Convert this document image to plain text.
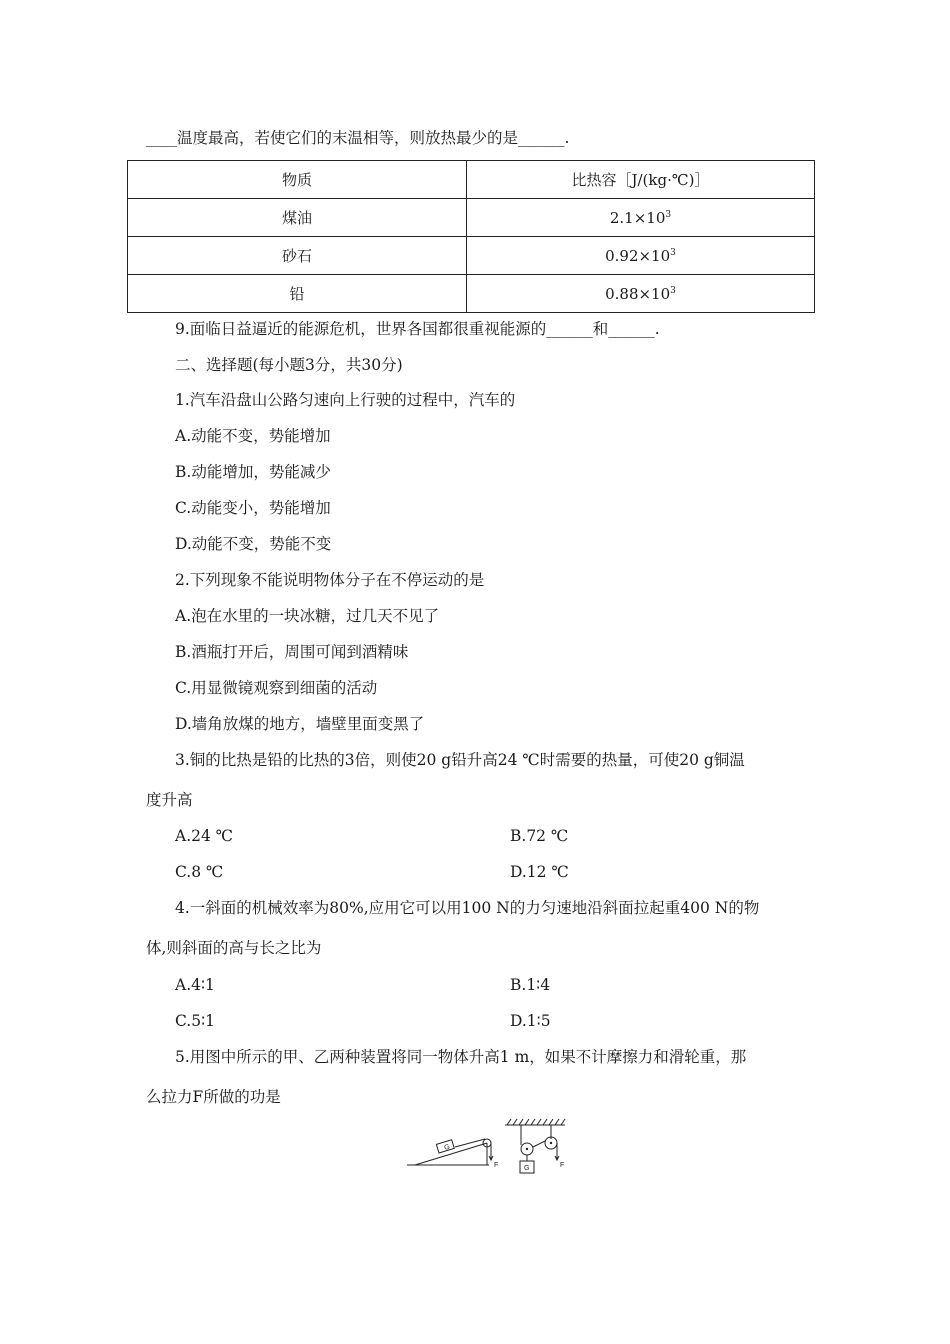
____温度最高，若使它们的末温相等，则放热最少的是______.
物质	比热容［J/(kg·℃)］
煤油	$2.1\times 10^3$
砂石	$0.92\times 10^3$
铅	$0.88\times 10^3$
9.面临日益逼近的能源危机，世界各国都很重视能源的______和______.
二、选择题(每小题3分，共30分)
1.汽车沿盘山公路匀速向上行驶的过程中，汽车的
A.动能不变，势能增加
B.动能增加，势能减少
C.动能变小，势能增加
D.动能不变，势能不变
2.下列现象不能说明物体分子在不停运动的是
A.泡在水里的一块冰糖，过几天不见了
B.酒瓶打开后，周围可闻到酒精味
C.用显微镜观察到细菌的活动
D.墙角放煤的地方，墙壁里面变黑了
3.铜的比热是铅的比热的3倍，则使20 g铅升高24 ℃时需要的热量，可使20 g铜温
度升高
A.24 ℃	B.72 ℃
C.8 ℃	D.12 ℃
4.一斜面的机械效率为80%,应用它可以用100 N的力匀速地沿斜面拉起重400 N的物
体,则斜面的高与长之比为
A.4∶1	B.1∶4
C.5∶1	D.1∶5
5.用图中所示的甲、乙两种装置将同一物体升高1 m，如果不计摩擦力和滑轮重，那
么拉力F所做的功是
G
F	G	F
